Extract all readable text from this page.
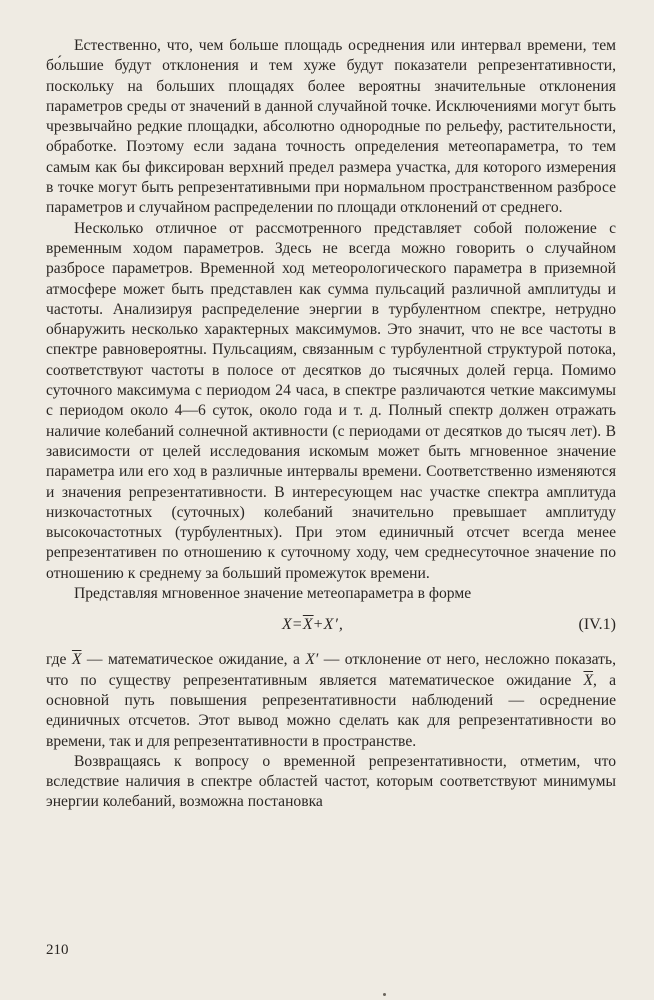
Естественно, что, чем больше площадь осреднения или интервал времени, тем бо́льшие будут отклонения и тем хуже будут показатели репрезентативности, поскольку на больших площадях более вероятны значительные отклонения параметров среды от значений в данной случайной точке. Исключениями могут быть чрезвычайно редкие площадки, абсолютно однородные по рельефу, растительности, обработке. Поэтому если задана точность определения метеопараметра, то тем самым как бы фиксирован верхний предел размера участка, для которого измерения в точке могут быть репрезентативными при нормальном пространственном разбросе параметров и случайном распределении по площади отклонений от среднего.

Несколько отличное от рассмотренного представляет собой положение с временным ходом параметров. Здесь не всегда можно говорить о случайном разбросе параметров. Временной ход метеорологического параметра в приземной атмосфере может быть представлен как сумма пульсаций различной амплитуды и частоты. Анализируя распределение энергии в турбулентном спектре, нетрудно обнаружить несколько характерных максимумов. Это значит, что не все частоты в спектре равновероятны. Пульсациям, связанным с турбулентной структурой потока, соответствуют частоты в полосе от десятков до тысячных долей герца. Помимо суточного максимума с периодом 24 часа, в спектре различаются четкие максимумы с периодом около 4—6 суток, около года и т. д. Полный спектр должен отражать наличие колебаний солнечной активности (с периодами от десятков до тысяч лет). В зависимости от целей исследования искомым может быть мгновенное значение параметра или его ход в различные интервалы времени. Соответственно изменяются и значения репрезентативности. В интересующем нас участке спектра амплитуда низкочастотных (суточных) колебаний значительно превышает амплитуду высокочастотных (турбулентных). При этом единичный отсчет всегда менее репрезентативен по отношению к суточному ходу, чем среднесуточное значение по отношению к среднему за больший промежуток времени.

Представляя мгновенное значение метеопараметра в форме

$X=\overline{X}+X'$,	(IV.1)

где $\overline{X}$ — математическое ожидание, а X′ — отклонение от него, несложно показать, что по существу репрезентативным является математическое ожидание $\overline{X}$, а основной путь повышения репрезентативности наблюдений — осреднение единичных отсчетов. Этот вывод можно сделать как для репрезентативности во времени, так и для репрезентативности в пространстве.

Возвращаясь к вопросу о временной репрезентативности, отметим, что вследствие наличия в спектре областей частот, которым соответствуют минимумы энергии колебаний, возможна постановка

210
